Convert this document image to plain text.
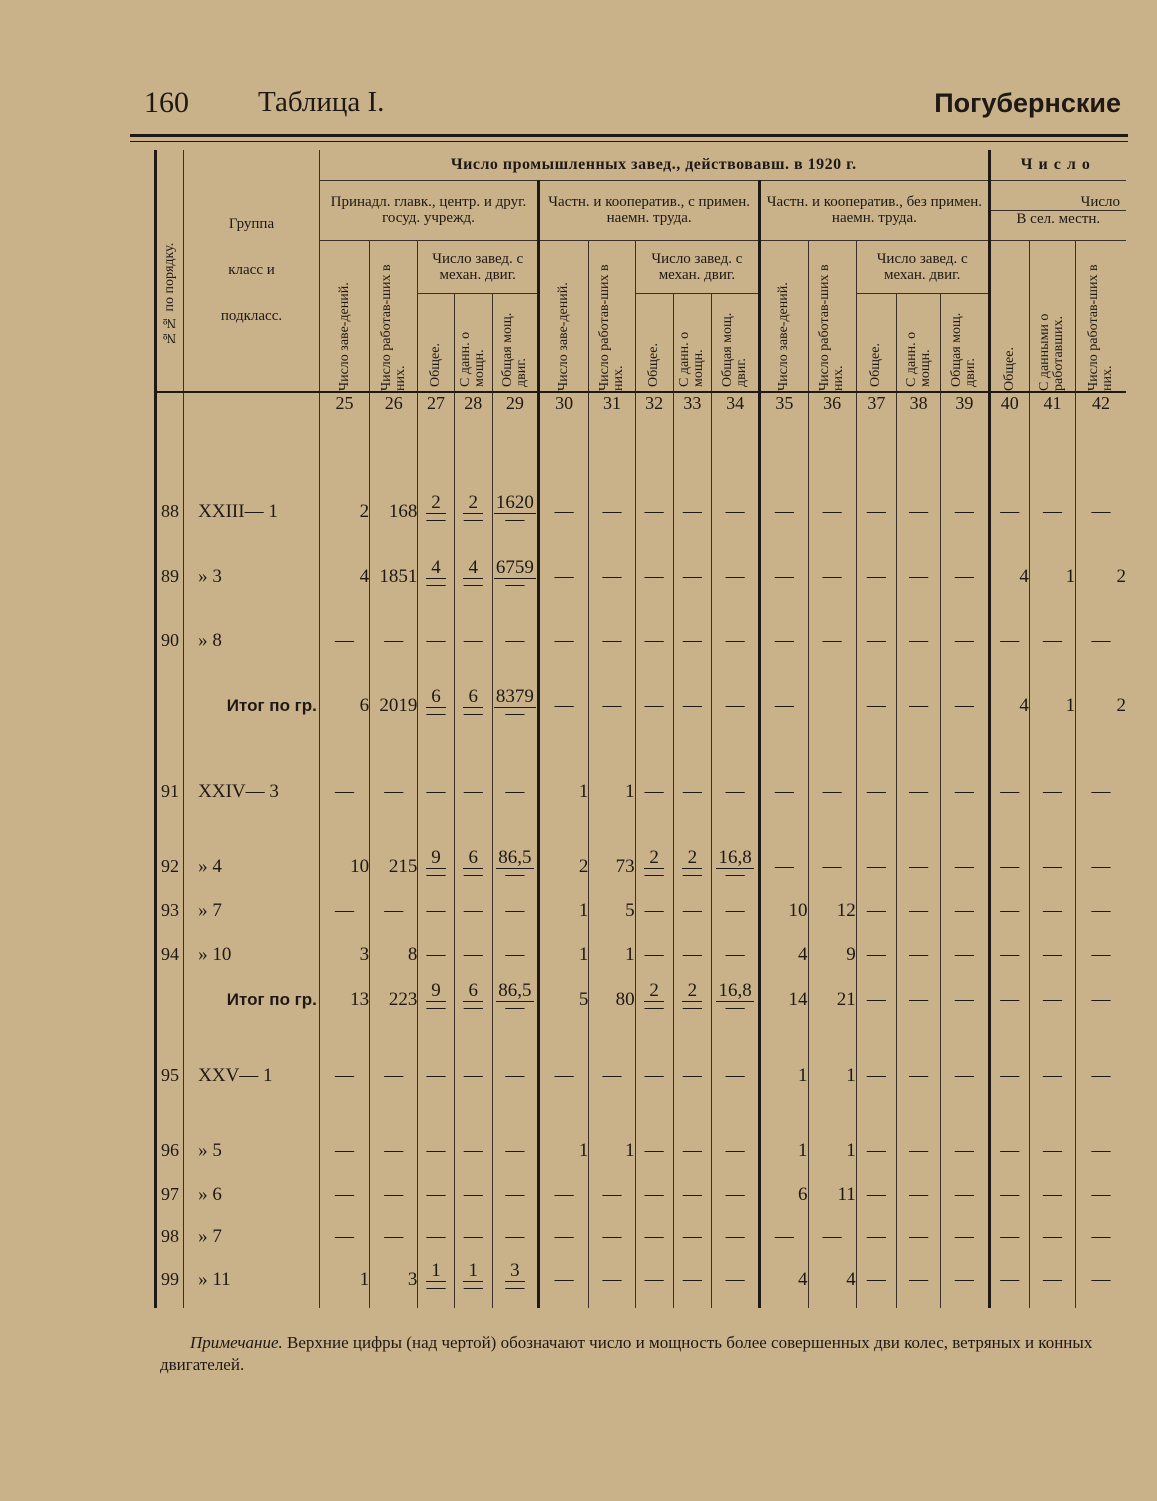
160 Таблица I.	Погубернские
№№ по порядку.	Группа
класс и
подкласс.	Число промышленных завед., действовавш. в 1920 г.															Число		
		Принадл. главк., центр. и друг. госуд. учрежд.					Частн. и кооператив., с примен. наемн. труда.					Частн. и кооператив., без примен. наемн. труда.					Число
В сел. местн.		

		Число заве-дений.	Число работав-ших в них.	Число завед. с механ. двиг.			Число заве-дений.	Число работав-ших в них.	Число завед. с механ. двиг.			Число заве-дений.	Число работав-ших в них.	Число завед. с механ. двиг.			Общее.	С данными о работавших.	Число работав-ших в них.

				Общее.	С данн. о мощн.	Общая мощ. двиг.			Общее.	С данн. о мощн.	Общая мощ. двиг.			Общее.	С данн. о мощн.	Общая мощ. двиг.			

		25	26	27	28	29	30	31	32	33	34	35	36	37	38	39	40	41	42

88	XXIII— 1	2	168	$\frac{2}{—}$	$\frac{2}{—}$	$\frac{1620}{—}$	—	—	—	—	—	—	—	—	—	—	—	—	—
89	» 3	4	1851	$\frac{4}{—}$	$\frac{4}{—}$	$\frac{6759}{—}$	—	—	—	—	—	—	—	—	—	—	4	1	2
90	» 8	—	—	—	—	—	—	—	—	—	—	—	—	—	—	—	—	—	—
	Итог по гр.	6	2019	$\frac{6}{—}$	$\frac{6}{—}$	$\frac{8379}{—}$	—	—	—	—	—	—		—	—	—	4	1	2
91	XXIV— 3	—	—	—	—	—	1	1	—	—	—	—	—	—	—	—	—	—	—
92	» 4	10	215	$\frac{9}{—}$	$\frac{6}{—}$	$\frac{86,5}{—}$	2	73	$\frac{2}{—}$	$\frac{2}{—}$	$\frac{16,8}{—}$	—	—	—	—	—	—	—	—
93	» 7	—	—	—	—	—	1	5	—	—	—	10	12	—	—	—	—	—	—
94	» 10	3	8	—	—	—	1	1	—	—	—	4	9	—	—	—	—	—	—
	Итог по гр.	13	223	$\frac{9}{—}$	$\frac{6}{—}$	$\frac{86,5}{—}$	5	80	$\frac{2}{—}$	$\frac{2}{—}$	$\frac{16,8}{—}$	14	21	—	—	—	—	—	—
95	XXV— 1	—	—	—	—	—	—	—	—	—	—	1	1	—	—	—	—	—	—
96	» 5	—	—	—	—	—	1	1	—	—	—	1	1	—	—	—	—	—	—
97	» 6	—	—	—	—	—	—	—	—	—	—	6	11	—	—	—	—	—	—
98	» 7	—	—	—	—	—	—	—	—	—	—	—	—	—	—	—	—	—	—
99	» 11	1	3	$\frac{1}{—}$	$\frac{1}{—}$	$\frac{3}{—}$	—	—	—	—	—	4	4	—	—	—	—	—	—

Примечание. Верхние цифры (над чертой) обозначают число и мощность более совершенных дви колес, ветряных и конных двигателей.
